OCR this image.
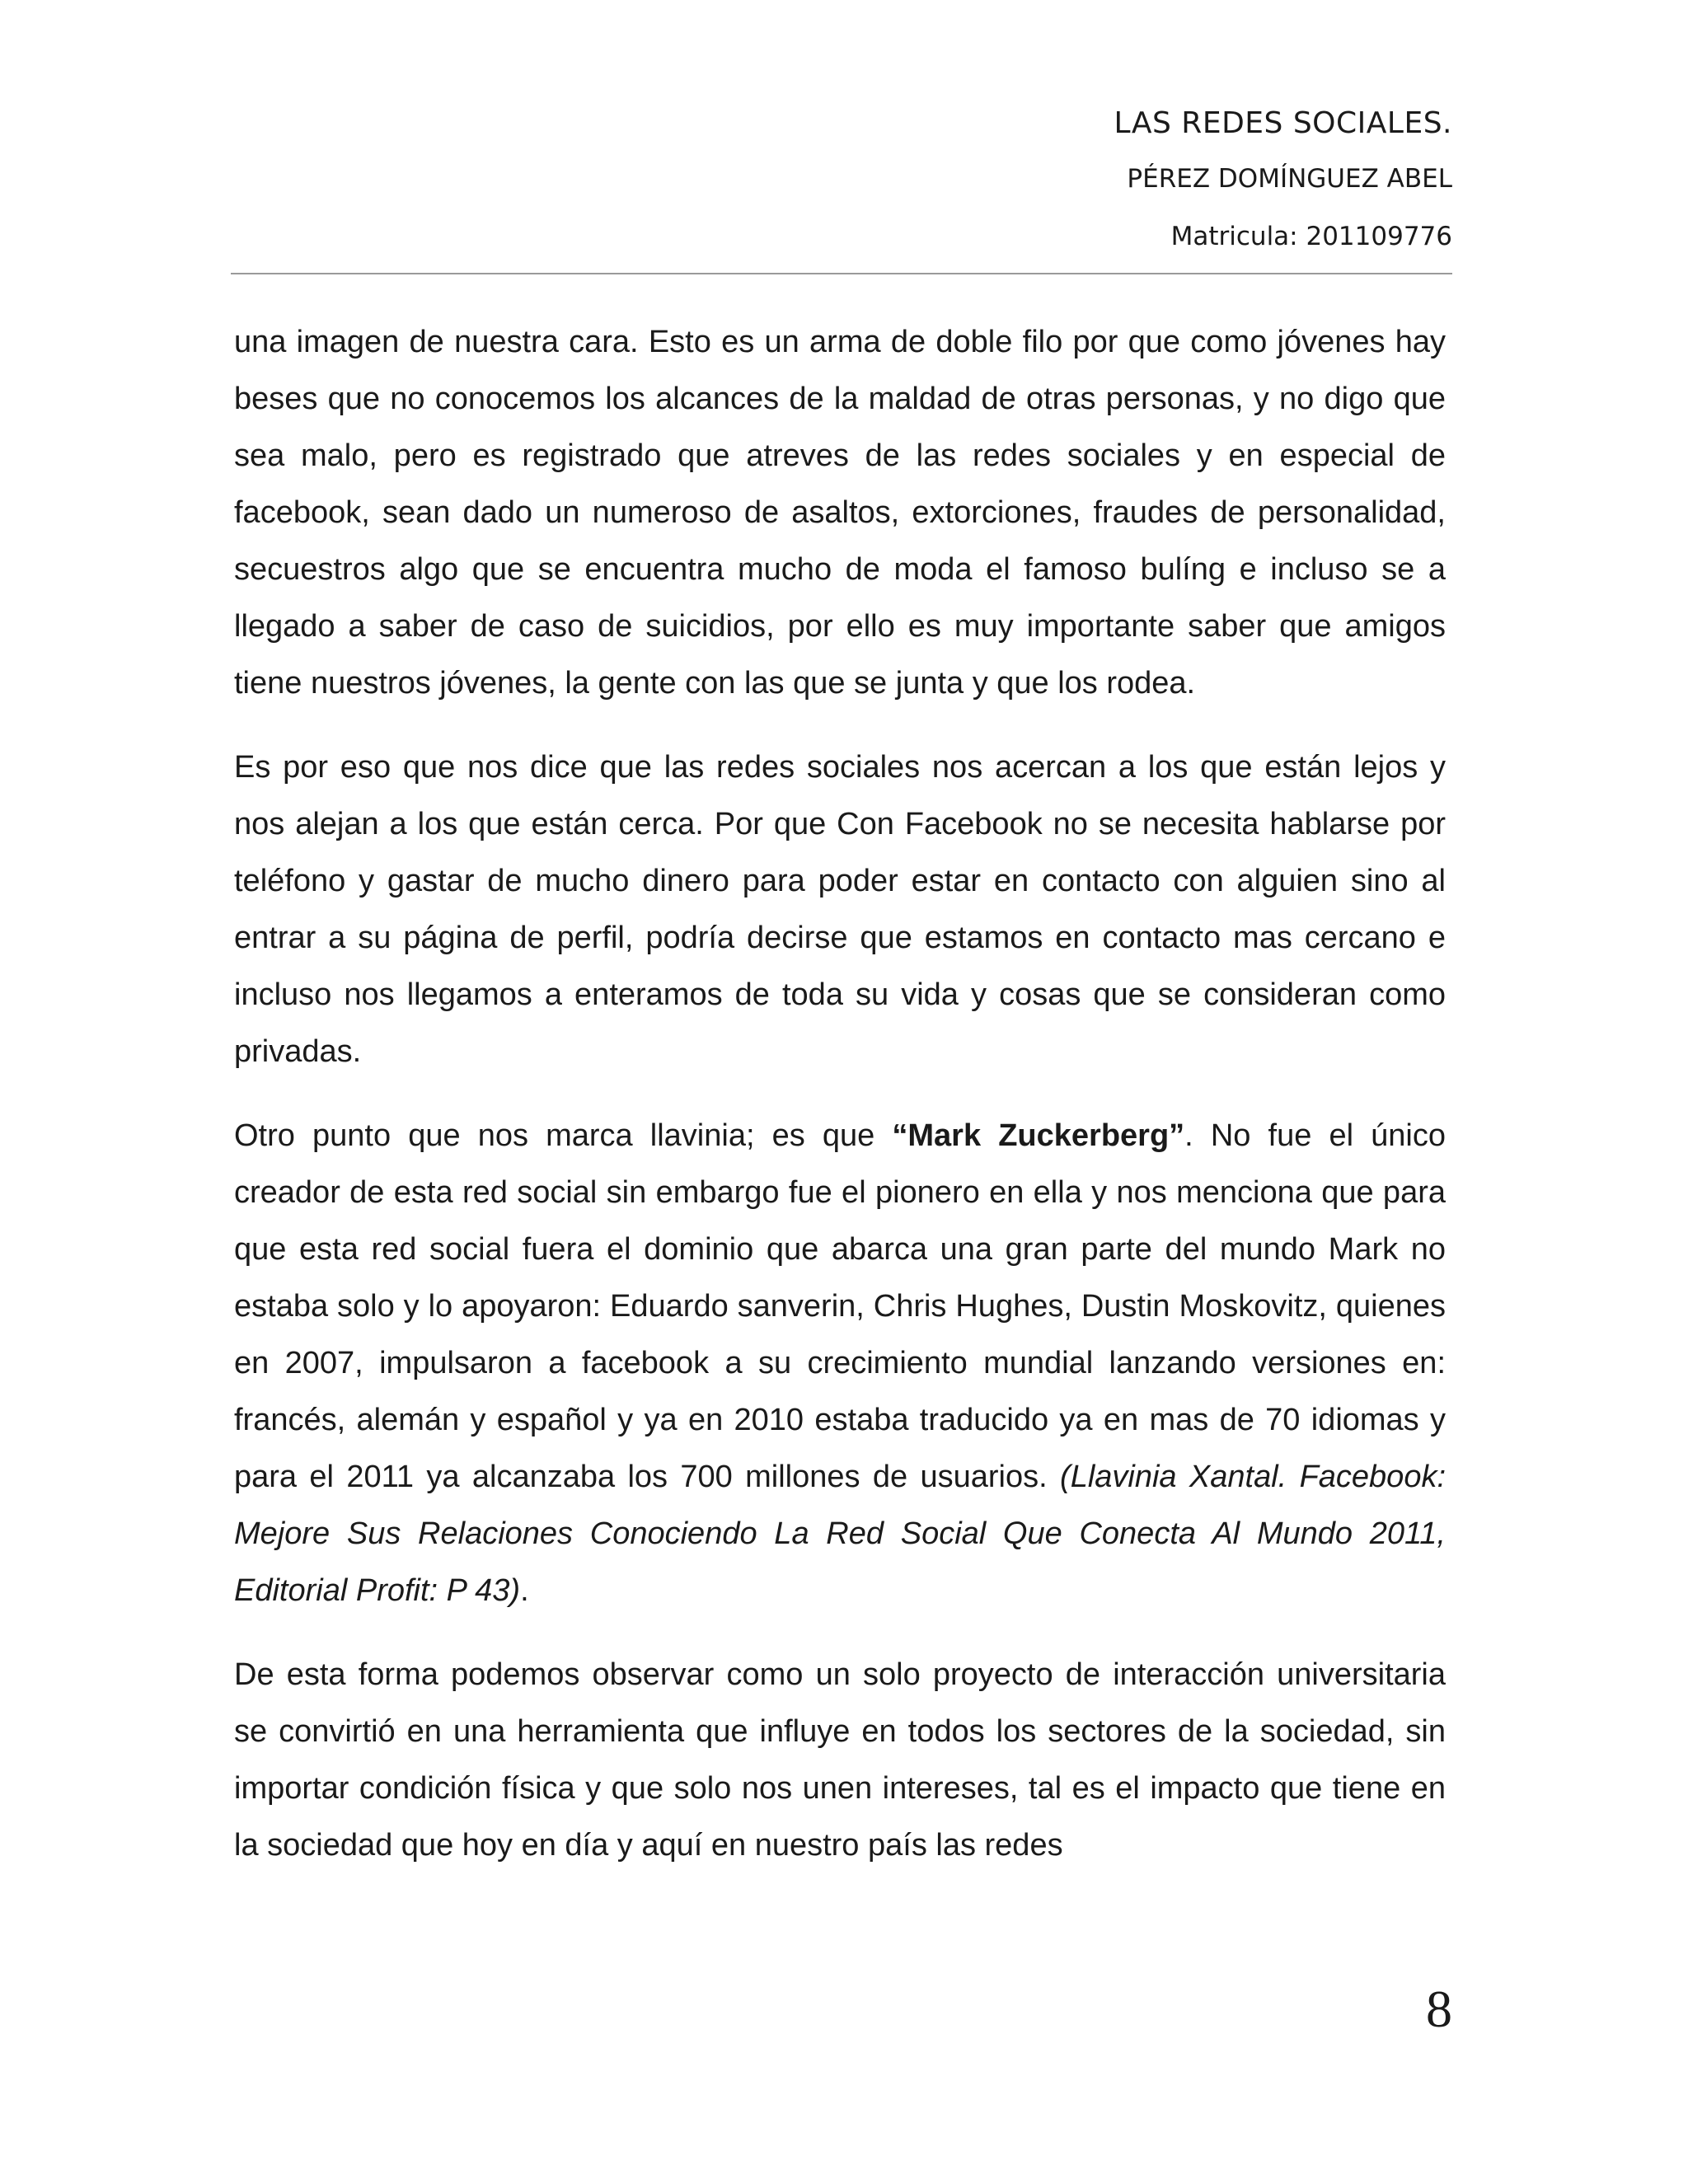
LAS REDES SOCIALES.
PÉREZ DOMÍNGUEZ ABEL
Matricula: 201109776

una imagen de nuestra cara. Esto es un arma de doble filo por que como jóvenes hay beses que no conocemos los alcances de la maldad de otras personas, y no digo que sea malo, pero es registrado que atreves de las redes sociales y en especial de facebook, sean dado un numeroso de asaltos, extorciones, fraudes de personalidad, secuestros algo que se encuentra mucho de moda el famoso bulíng e incluso se a llegado a saber de caso de suicidios, por ello es muy importante saber que amigos tiene nuestros jóvenes, la gente con las que se junta y que los rodea.

Es por eso que nos dice que las redes sociales nos acercan a los que están lejos y nos alejan a los que están cerca. Por que Con Facebook no se necesita hablarse por teléfono y gastar de mucho dinero para poder estar en contacto con alguien sino al entrar a su página de perfil, podría decirse que estamos en contacto mas cercano e incluso nos llegamos a enteramos de toda su vida y cosas que se consideran como privadas.

Otro punto que nos marca llavinia; es que “Mark Zuckerberg”. No fue el único creador de esta red social sin embargo fue el pionero en ella y nos menciona que para que esta red social fuera el dominio que abarca una gran parte del mundo Mark no estaba solo y lo apoyaron: Eduardo sanverin, Chris Hughes, Dustin Moskovitz, quienes en 2007, impulsaron a facebook a su crecimiento mundial lanzando versiones en: francés, alemán y español y ya en 2010 estaba traducido ya en mas de 70 idiomas y para el 2011 ya alcanzaba los 700 millones de usuarios. (Llavinia Xantal. Facebook: Mejore Sus Relaciones Conociendo La Red Social Que Conecta Al Mundo 2011, Editorial Profit: P 43).

De esta forma podemos observar como un solo proyecto de interacción universitaria se convirtió en una herramienta que influye en todos los sectores de la sociedad, sin importar condición física y que solo nos unen intereses, tal es el impacto que tiene en la sociedad que hoy en día y aquí en nuestro país las redes

8
